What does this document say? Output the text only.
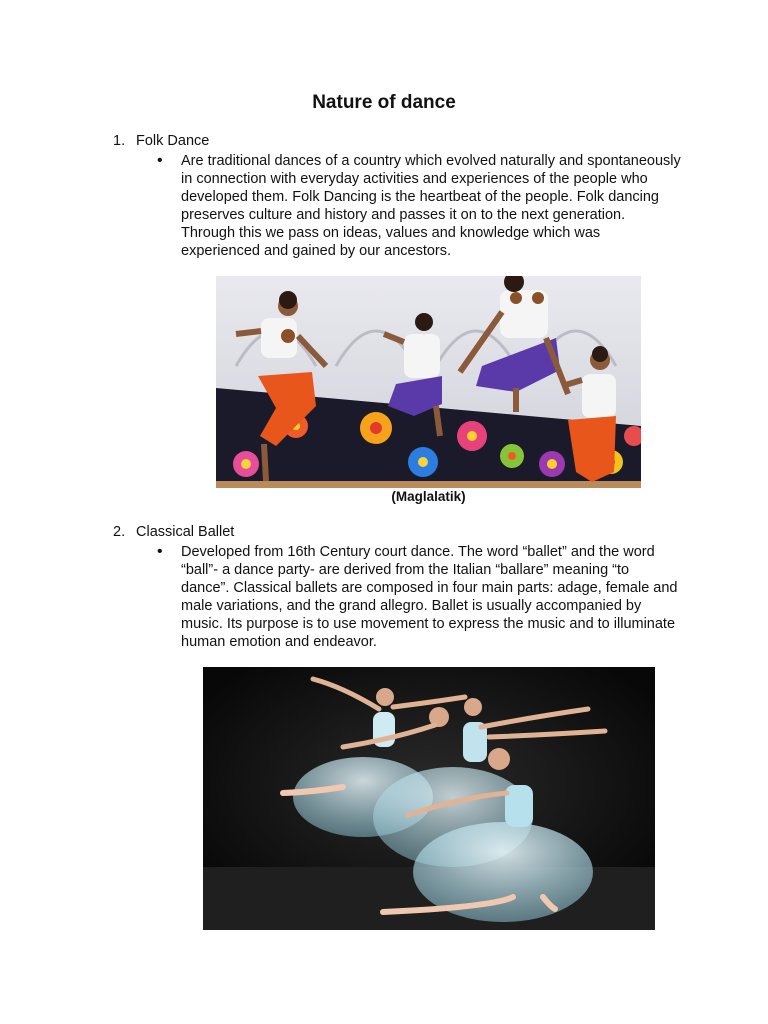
Nature of dance
1. Folk Dance
• Are traditional dances of a country which evolved naturally and spontaneously in connection with everyday activities and experiences of the people who developed them. Folk Dancing is the heartbeat of the people. Folk dancing preserves culture and history and passes it on to the next generation. Through this we pass on ideas, values and knowledge which was experienced and gained by our ancestors.
(Maglalatik)
2. Classical Ballet
• Developed from 16th Century court dance. The word “ballet” and the word “ball”- a dance party- are derived from the Italian “ballare” meaning “to dance”. Classical ballets are composed in four main parts: adage, female and male variations, and the grand allegro. Ballet is usually accompanied by music. Its purpose is to use movement to express the music and to illuminate human emotion and endeavor.
